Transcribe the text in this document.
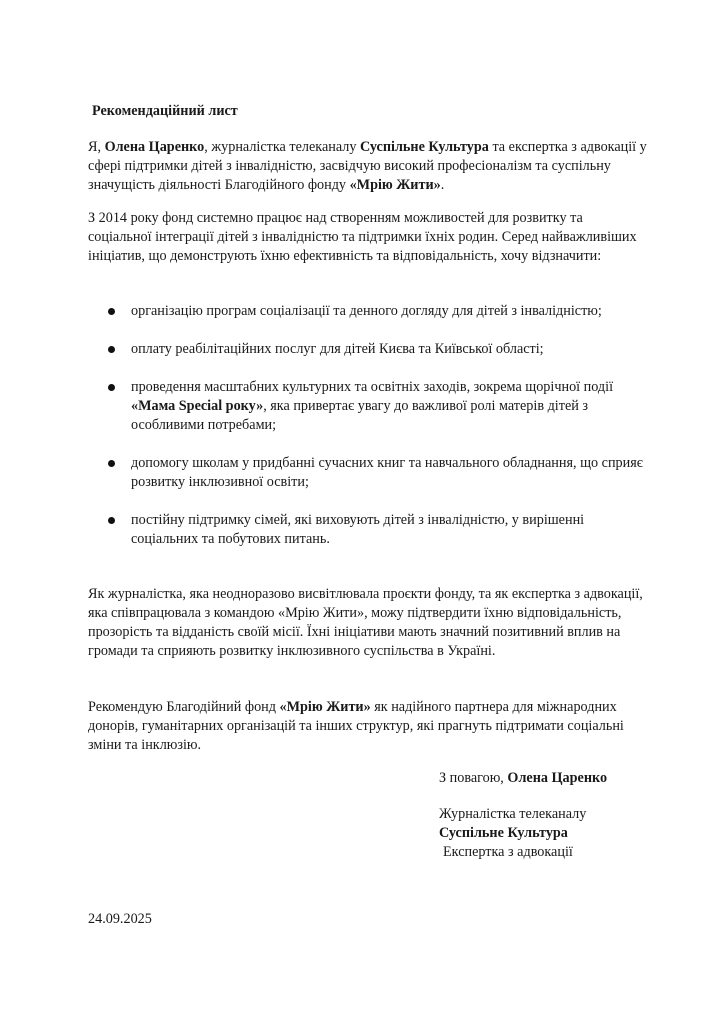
Рекомендаційний лист

Я, Олена Царенко, журналістка телеканалу Суспільне Культура та експертка з адвокації у сфері підтримки дітей з інвалідністю, засвідчую високий професіоналізм та суспільну значущість діяльності Благодійного фонду «Мрію Жити».

З 2014 року фонд системно працює над створенням можливостей для розвитку та соціальної інтеграції дітей з інвалідністю та підтримки їхніх родин. Серед найважливіших ініціатив, що демонструють їхню ефективність та відповідальність, хочу відзначити:

організацію програм соціалізації та денного догляду для дітей з інвалідністю;
оплату реабілітаційних послуг для дітей Києва та Київської області;
проведення масштабних культурних та освітніх заходів, зокрема щорічної події «Мама Special року», яка привертає увагу до важливої ролі матерів дітей з особливими потребами;
допомогу школам у придбанні сучасних книг та навчального обладнання, що сприяє розвитку інклюзивної освіти;
постійну підтримку сімей, які виховують дітей з інвалідністю, у вирішенні соціальних та побутових питань.

Як журналістка, яка неодноразово висвітлювала проєкти фонду, та як експертка з адвокації, яка співпрацювала з командою «Мрію Жити», можу підтвердити їхню відповідальність, прозорість та відданість своїй місії. Їхні ініціативи мають значний позитивний вплив на громади та сприяють розвитку інклюзивного суспільства в Україні.

Рекомендую Благодійний фонд «Мрію Жити» як надійного партнера для міжнародних донорів, гуманітарних організацій та інших структур, які прагнуть підтримати соціальні зміни та інклюзію.

З повагою, Олена Царенко
Журналістка телеканалу
Суспільне Культура
Експертка з адвокації
24.09.2025
